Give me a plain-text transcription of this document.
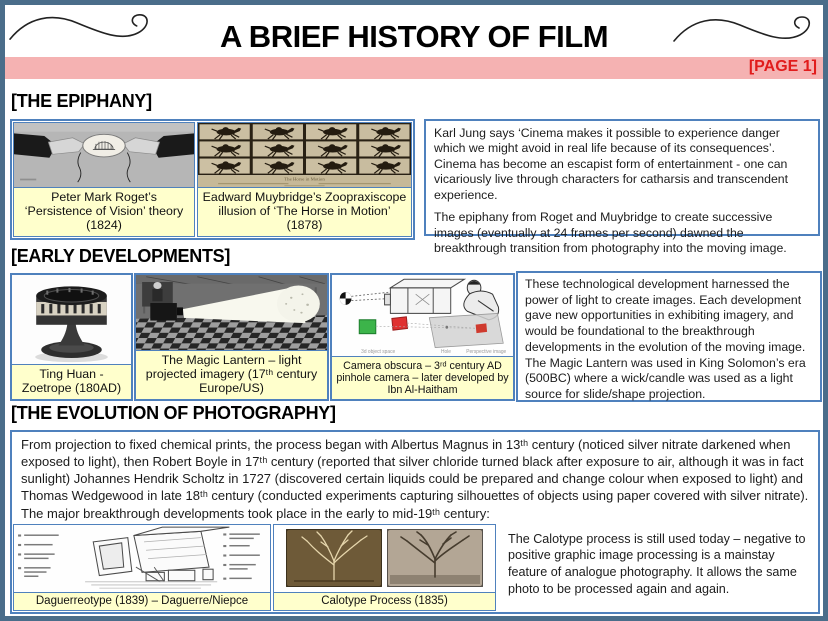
A BRIEF HISTORY OF FILM
[PAGE 1]
[THE EPIPHANY]
Peter Mark Roget’s ‘Persistence of Vision’ theory (1824)
The Horse in Motion
Eadward Muybridge’s Zoopraxiscope illusion of ‘The Horse in Motion’ (1878)

Karl Jung says ‘Cinema makes it possible to experience danger which we might avoid in real life because of its consequences’. Cinema has become an escapist form of entertainment - one can vicariously live through characters for catharsis and transcendent experience.

The epiphany from Roget and Muybridge to create successive images (eventually at 24 frames per second) dawned the breakthrough transition from photography into the moving image.

[EARLY DEVELOPMENTS]
Ting Huan - Zoetrope (180AD)
The Magic Lantern – light projected imagery (17ᵗʰ century Europe/US)
3d object space	Hole	Perspective image
Camera obscura – 3ʳᵈ century AD pinhole camera – later developed by Ibn Al-Haitham

These technological development harnessed the power of light to create images. Each development gave new opportunities in exhibiting imagery, and would be foundational to the breakthrough developments in the evolution of the moving image. The Magic Lantern was used in King Solomon’s era (500BC) where a wick/candle was used as a light source for slide/shape projection.

[THE EVOLUTION OF PHOTOGRAPHY]
From projection to fixed chemical prints, the process began with Albertus Magnus in 13ᵗʰ century (noticed silver nitrate darkened when exposed to light), then Robert Boyle in 17ᵗʰ century (reported that silver chloride turned black after exposure to air, although it was in fact sunlight) Johannes Hendrik Scholtz in 1727 (discovered certain liquids could be prepared and change colour when exposed to light) and Thomas Wedgewood in late 18ᵗʰ century (conducted experiments capturing silhouettes of objects using paper covered with silver nitrate). The major breakthrough developments took place in the early to mid-19ᵗʰ century:
Daguerreotype (1839) – Daguerre/Niepce	Calotype Process (1835)
The Calotype process is still used today – negative to positive graphic image processing is a mainstay feature of analogue photography. It allows the same photo to be processed again and again.
